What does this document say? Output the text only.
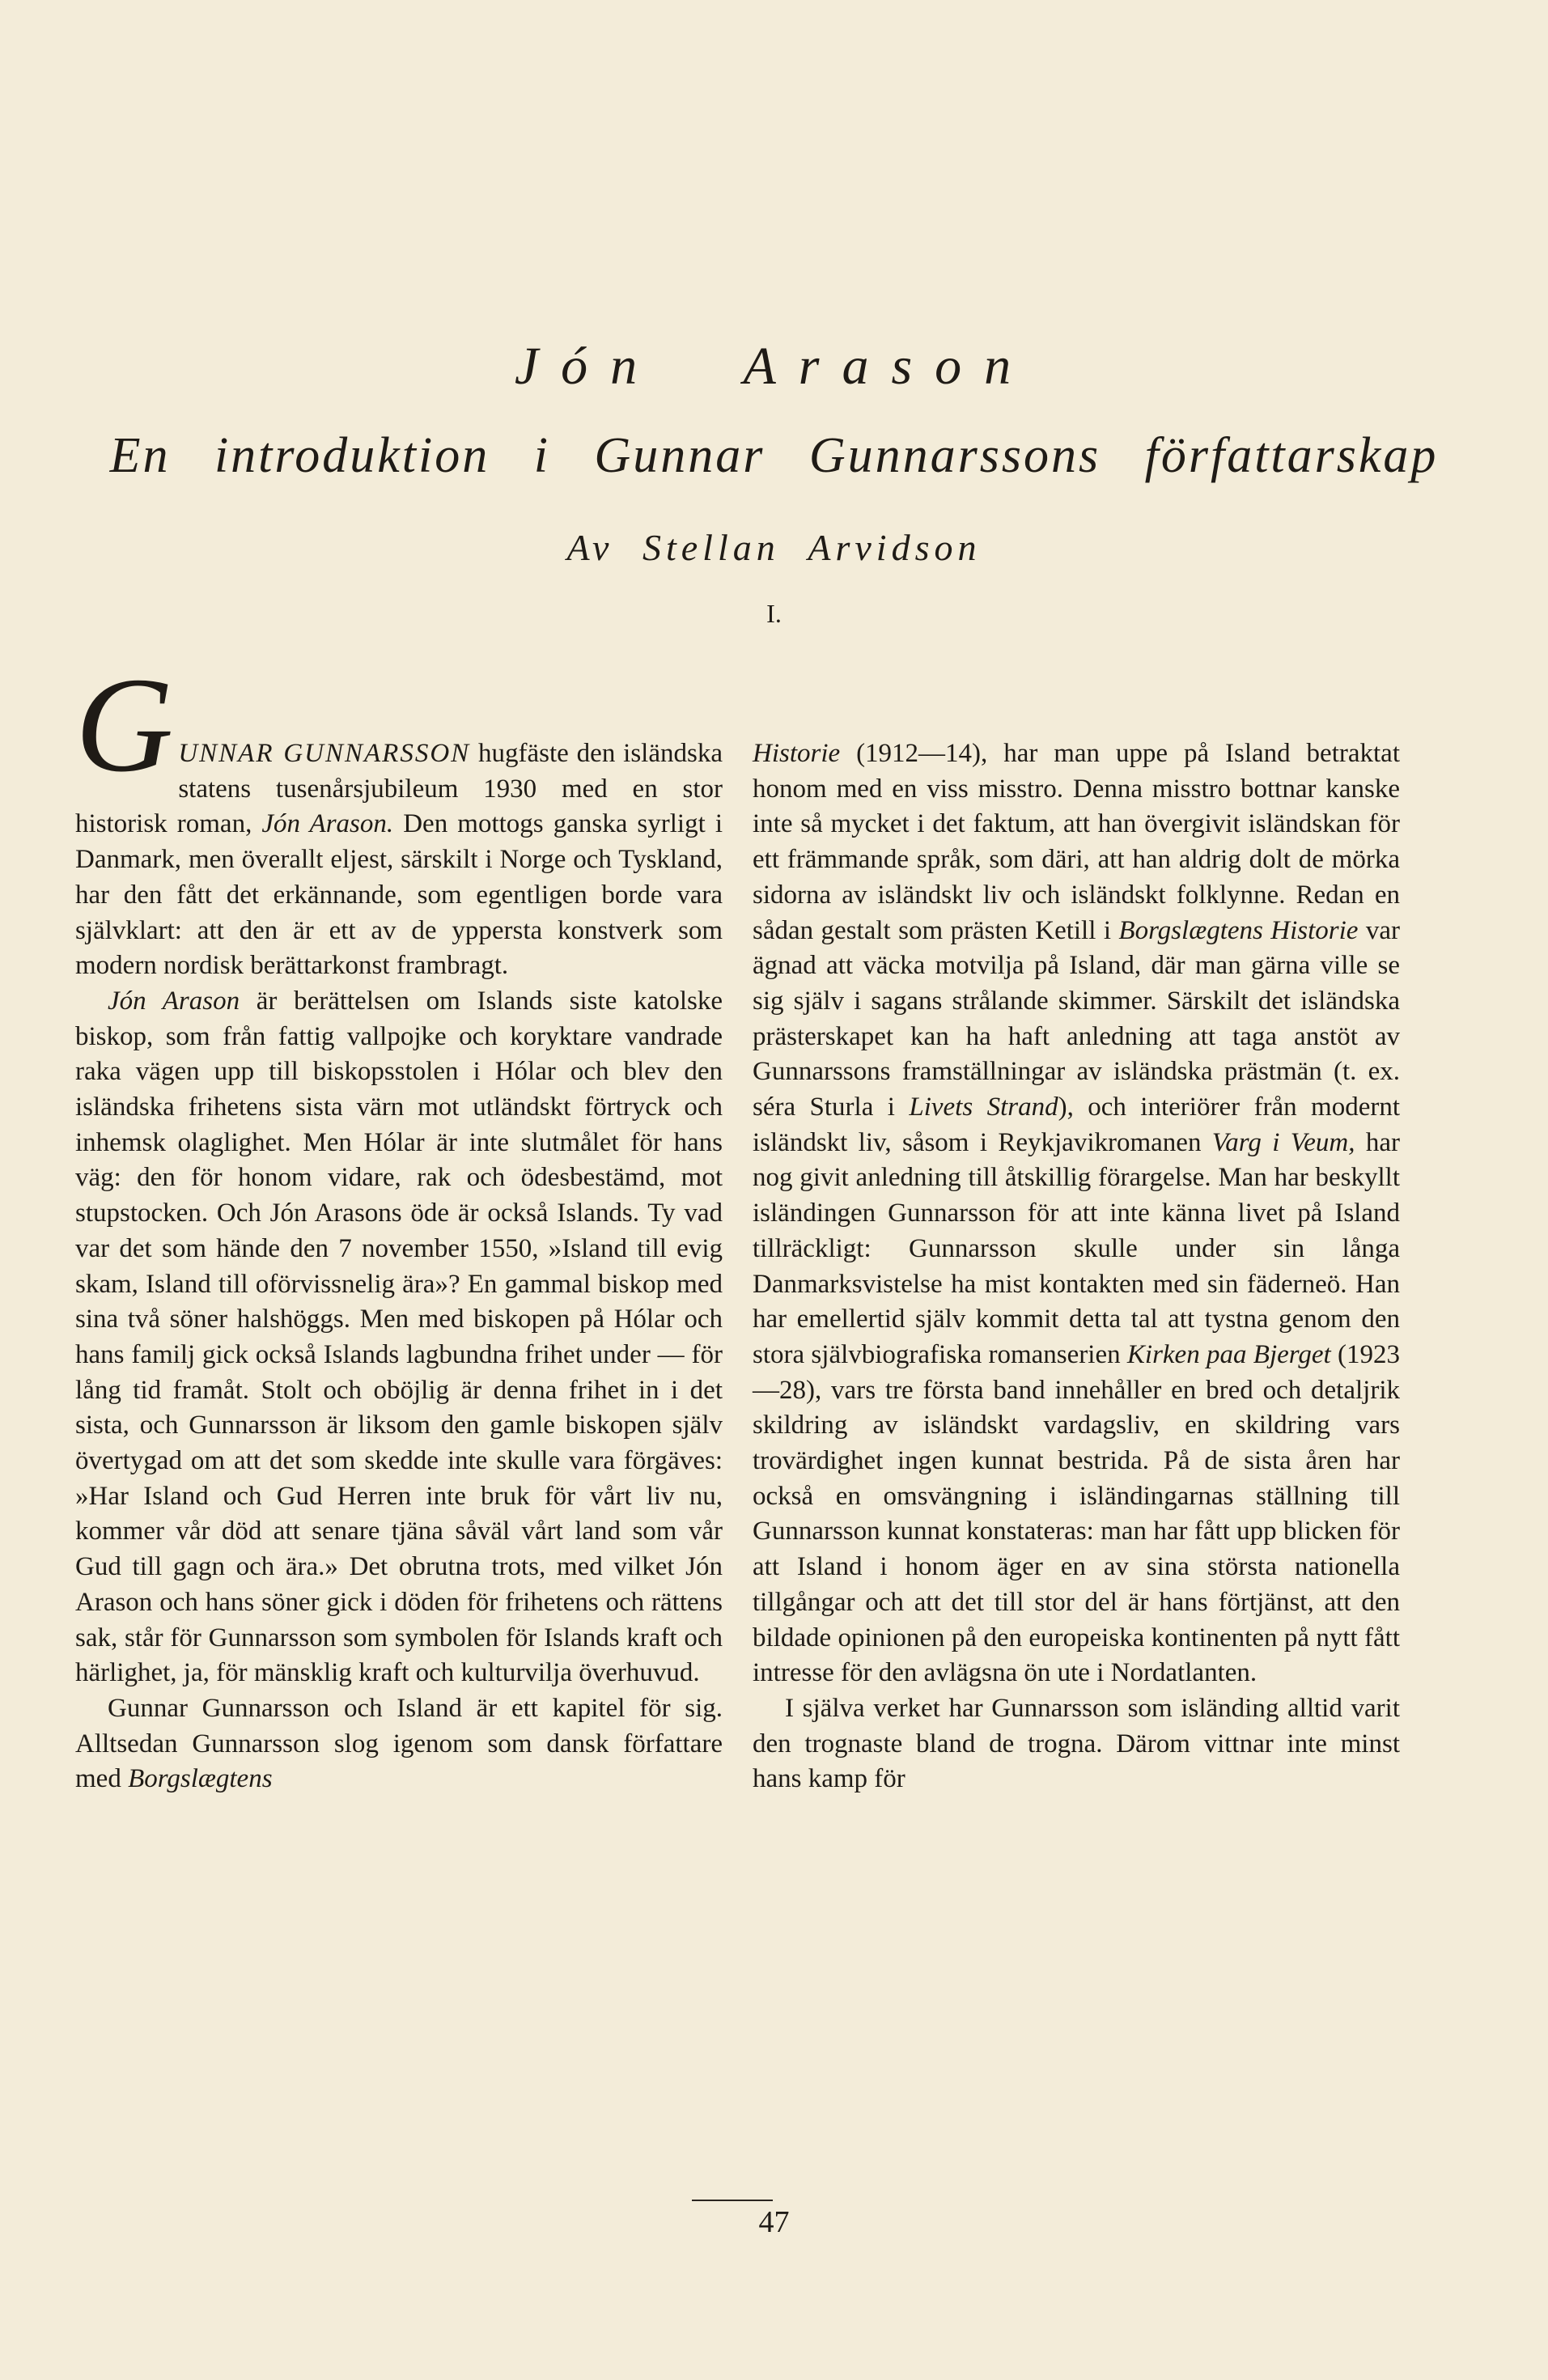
Jón Arason
En introduktion i Gunnar Gunnarssons författarskap
Av Stellan Arvidson
I.

GUNNAR GUNNARSSON hugfäste den isländska statens tusenårsjubileum 1930 med en stor historisk roman, Jón Arason. Den mottogs ganska syrligt i Danmark, men överallt eljest, särskilt i Norge och Tyskland, har den fått det erkännande, som egentligen borde vara självklart: att den är ett av de yppersta konstverk som modern nordisk berättarkonst frambragt.

Jón Arason är berättelsen om Islands siste katolske biskop, som från fattig vallpojke och koryktare vandrade raka vägen upp till biskopsstolen i Hólar och blev den isländska frihetens sista värn mot utländskt förtryck och inhemsk olaglighet. Men Hólar är inte slutmålet för hans väg: den för honom vidare, rak och ödesbestämd, mot stupstocken. Och Jón Arasons öde är också Islands. Ty vad var det som hände den 7 november 1550, »Island till evig skam, Island till oförvissnelig ära»? En gammal biskop med sina två söner halshöggs. Men med biskopen på Hólar och hans familj gick också Islands lagbundna frihet under — för lång tid framåt. Stolt och oböjlig är denna frihet in i det sista, och Gunnarsson är liksom den gamle biskopen själv övertygad om att det som skedde inte skulle vara förgäves: »Har Island och Gud Herren inte bruk för vårt liv nu, kommer vår död att senare tjäna såväl vårt land som vår Gud till gagn och ära.» Det obrutna trots, med vilket Jón Arason och hans söner gick i döden för frihetens och rättens sak, står för Gunnarsson som symbolen för Islands kraft och härlighet, ja, för mänsklig kraft och kulturvilja överhuvud.

Gunnar Gunnarsson och Island är ett kapitel för sig. Alltsedan Gunnarsson slog igenom som dansk författare med Borgslægtens

Historie (1912—14), har man uppe på Island betraktat honom med en viss misstro. Denna misstro bottnar kanske inte så mycket i det faktum, att han övergivit isländskan för ett främmande språk, som däri, att han aldrig dolt de mörka sidorna av isländskt liv och isländskt folklynne. Redan en sådan gestalt som prästen Ketill i Borgslægtens Historie var ägnad att väcka motvilja på Island, där man gärna ville se sig själv i sagans strålande skimmer. Särskilt det isländska prästerskapet kan ha haft anledning att taga anstöt av Gunnarssons framställningar av isländska prästmän (t. ex. séra Sturla i Livets Strand), och interiörer från modernt isländskt liv, såsom i Reykjavikromanen Varg i Veum, har nog givit anledning till åtskillig förargelse. Man har beskyllt isländingen Gunnarsson för att inte känna livet på Island tillräckligt: Gunnarsson skulle under sin långa Danmarksvistelse ha mist kontakten med sin fäderneö. Han har emellertid själv kommit detta tal att tystna genom den stora självbiografiska romanserien Kirken paa Bjerget (1923—28), vars tre första band innehåller en bred och detaljrik skildring av isländskt vardagsliv, en skildring vars trovärdighet ingen kunnat bestrida. På de sista åren har också en omsvängning i isländingarnas ställning till Gunnarsson kunnat konstateras: man har fått upp blicken för att Island i honom äger en av sina största nationella tillgångar och att det till stor del är hans förtjänst, att den bildade opinionen på den europeiska kontinenten på nytt fått intresse för den avlägsna ön ute i Nordatlanten.

I själva verket har Gunnarsson som isländing alltid varit den trognaste bland de trogna. Därom vittnar inte minst hans kamp för

47
